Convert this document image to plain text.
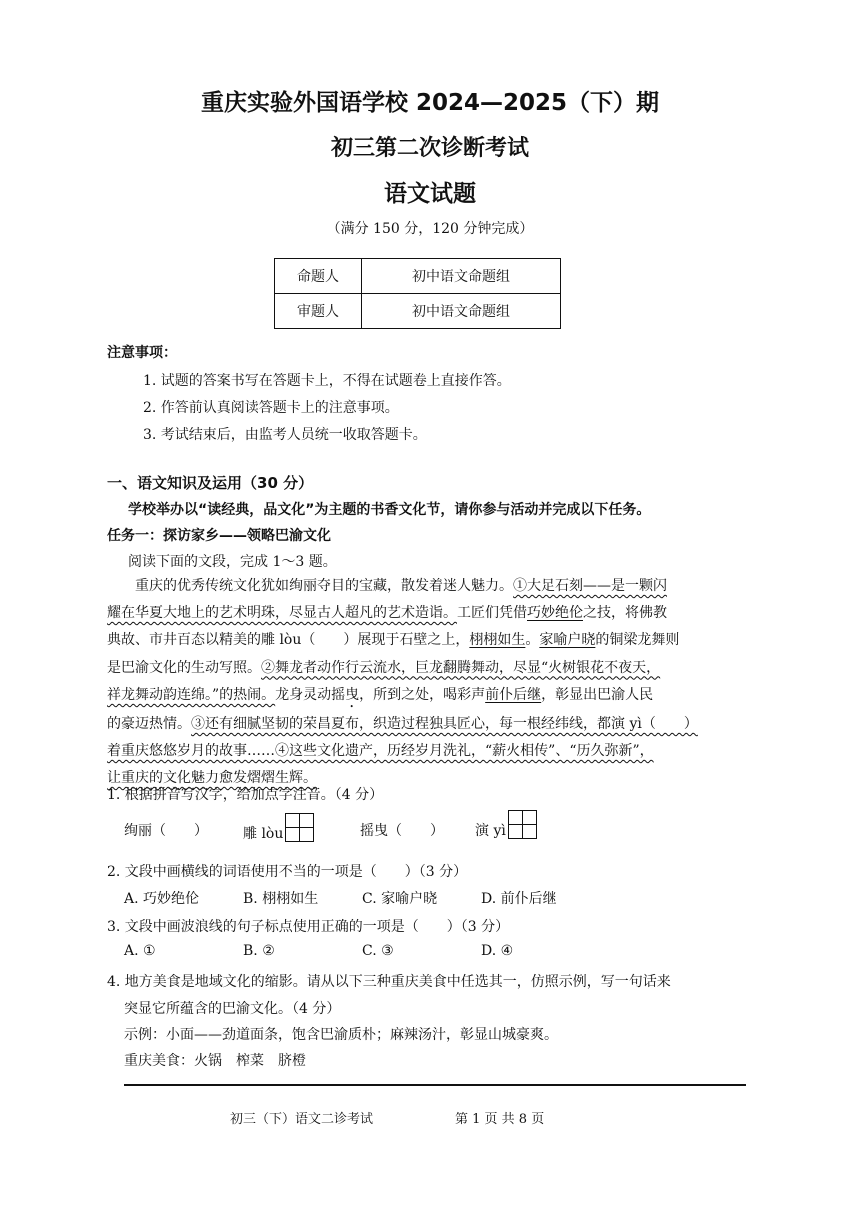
重庆实验外国语学校 2024—2025（下）期
初三第二次诊断考试
语文试题
（满分 150 分，120 分钟完成）
命题人	初中语文命题组
审题人	初中语文命题组
注意事项：
1. 试题的答案书写在答题卡上，不得在试题卷上直接作答。
2. 作答前认真阅读答题卡上的注意事项。
3. 考试结束后，由监考人员统一收取答题卡。
一、语文知识及运用（30 分）
学校举办以“读经典，品文化”为主题的书香文化节，请你参与活动并完成以下任务。
任务一：探访家乡——领略巴渝文化
阅读下面的文段，完成 1～3 题。
　　重庆的优秀传统文化犹如绚丽夺目的宝藏，散发着迷人魅力。①大足石刻——是一颗闪
耀在华夏大地上的艺术明珠，尽显古人超凡的艺术造诣。工匠们凭借巧妙绝伦之技，将佛教
典故、市井百态以精美的雕 lòu（　　）展现于石壁之上，栩栩如生。家喻户晓的铜梁龙舞则
是巴渝文化的生动写照。②舞龙者动作行云流水，巨龙翻腾舞动，尽显“火树银花不夜天，
祥龙舞动韵连绵。”的热闹。龙身灵动摇曳，所到之处，喝彩声前仆后继，彰显出巴渝人民
的豪迈热情。③还有细腻坚韧的荣昌夏布，织造过程独具匠心，每一根经纬线，都演 yì（　　）
着重庆悠悠岁月的故事……④这些文化遗产，历经岁月洗礼，“薪火相传”、“历久弥新”，
让重庆的文化魅力愈发熠熠生辉。
1. 根据拼音写汉字，给加点字注音。（4 分）
绚丽（　　）	雕 lòu	摇曳（　　） 演 yì
2. 文段中画横线的词语使用不当的一项是（　　）（3 分）
A. 巧妙绝伦	B. 栩栩如生	C. 家喻户晓	D. 前仆后继
3. 文段中画波浪线的句子标点使用正确的一项是（　　）（3 分）
A. ①	B. ②	C. ③	D. ④
4. 地方美食是地域文化的缩影。请从以下三种重庆美食中任选其一，仿照示例，写一句话来
突显它所蕴含的巴渝文化。（4 分）
示例：小面——劲道面条，饱含巴渝质朴；麻辣汤汁，彰显山城豪爽。
重庆美食：火锅　榨菜　脐橙
初三（下）语文二诊考试	第 1 页 共 8 页
